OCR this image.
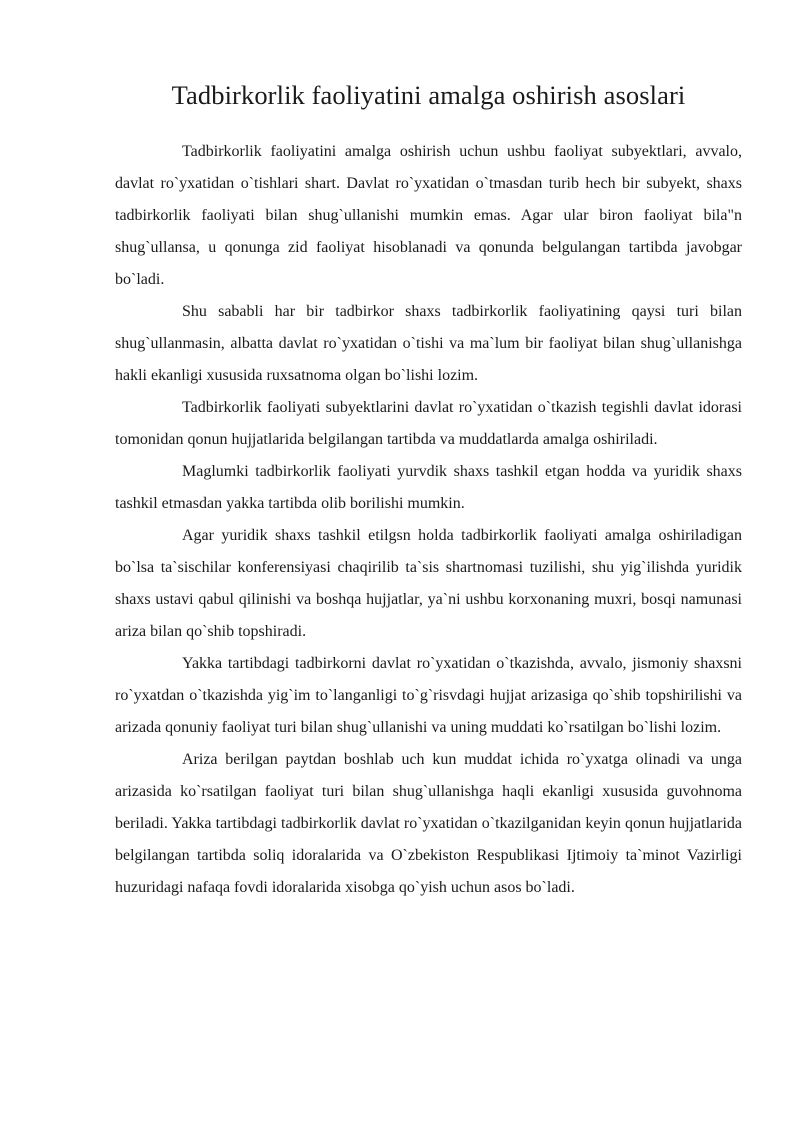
Tadbirkorlik faoliyatini amalga oshirish asoslari

Tadbirkorlik faoliyatini amalga oshirish uchun ushbu faoliyat subyektlari, avvalo, davlat ro`yxatidan o`tishlari shart. Davlat ro`yxatidan o`tmasdan turib hech bir subyekt, shaxs tadbirkorlik faoliyati bilan shug`ullanishi mumkin emas. Agar ular biron faoliyat bila"n shug`ullansa, u qonunga zid faoliyat hisoblanadi va qonunda belgulangan tartibda javobgar bo`ladi.

Shu sababli har bir tadbirkor shaxs tadbirkorlik faoliyatining qaysi turi bilan shug`ullanmasin, albatta davlat ro`yxatidan o`tishi va ma`lum bir faoliyat bilan shug`ullanishga hakli ekanligi xususida ruxsatnoma olgan bo`lishi lozim.

Tadbirkorlik faoliyati subyektlarini davlat ro`yxatidan o`tkazish tegishli davlat idorasi tomonidan qonun hujjatlarida belgilangan tartibda va muddatlarda amalga oshiriladi.

Maglumki tadbirkorlik faoliyati yurvdik shaxs tashkil etgan hodda va yuridik shaxs tashkil etmasdan yakka tartibda olib borilishi mumkin.

Agar yuridik shaxs tashkil etilgsn holda tadbirkorlik faoliyati amalga oshiriladigan bo`lsa ta`sischilar konferensiyasi chaqirilib ta`sis shartnomasi tuzilishi, shu yig`ilishda yuridik shaxs ustavi qabul qilinishi va boshqa hujjatlar, ya`ni ushbu korxonaning muxri, bosqi namunasi ariza bilan qo`shib topshiradi.

Yakka tartibdagi tadbirkorni davlat ro`yxatidan o`tkazishda, avvalo, jismoniy shaxsni ro`yxatdan o`tkazishda yig`im to`langanligi to`g`risvdagi hujjat arizasiga qo`shib topshirilishi va arizada qonuniy faoliyat turi bilan shug`ullanishi va uning muddati ko`rsatilgan bo`lishi lozim.

Ariza berilgan paytdan boshlab uch kun muddat ichida ro`yxatga olinadi va unga arizasida ko`rsatilgan faoliyat turi bilan shug`ullanishga haqli ekanligi xususida guvohnoma beriladi. Yakka tartibdagi tadbirkorlik davlat ro`yxatidan o`tkazilganidan keyin qonun hujjatlarida belgilangan tartibda soliq idoralarida va O`zbekiston Respublikasi Ijtimoiy ta`minot Vazirligi huzuridagi nafaqa fovdi idoralarida xisobga qo`yish uchun asos bo`ladi.
